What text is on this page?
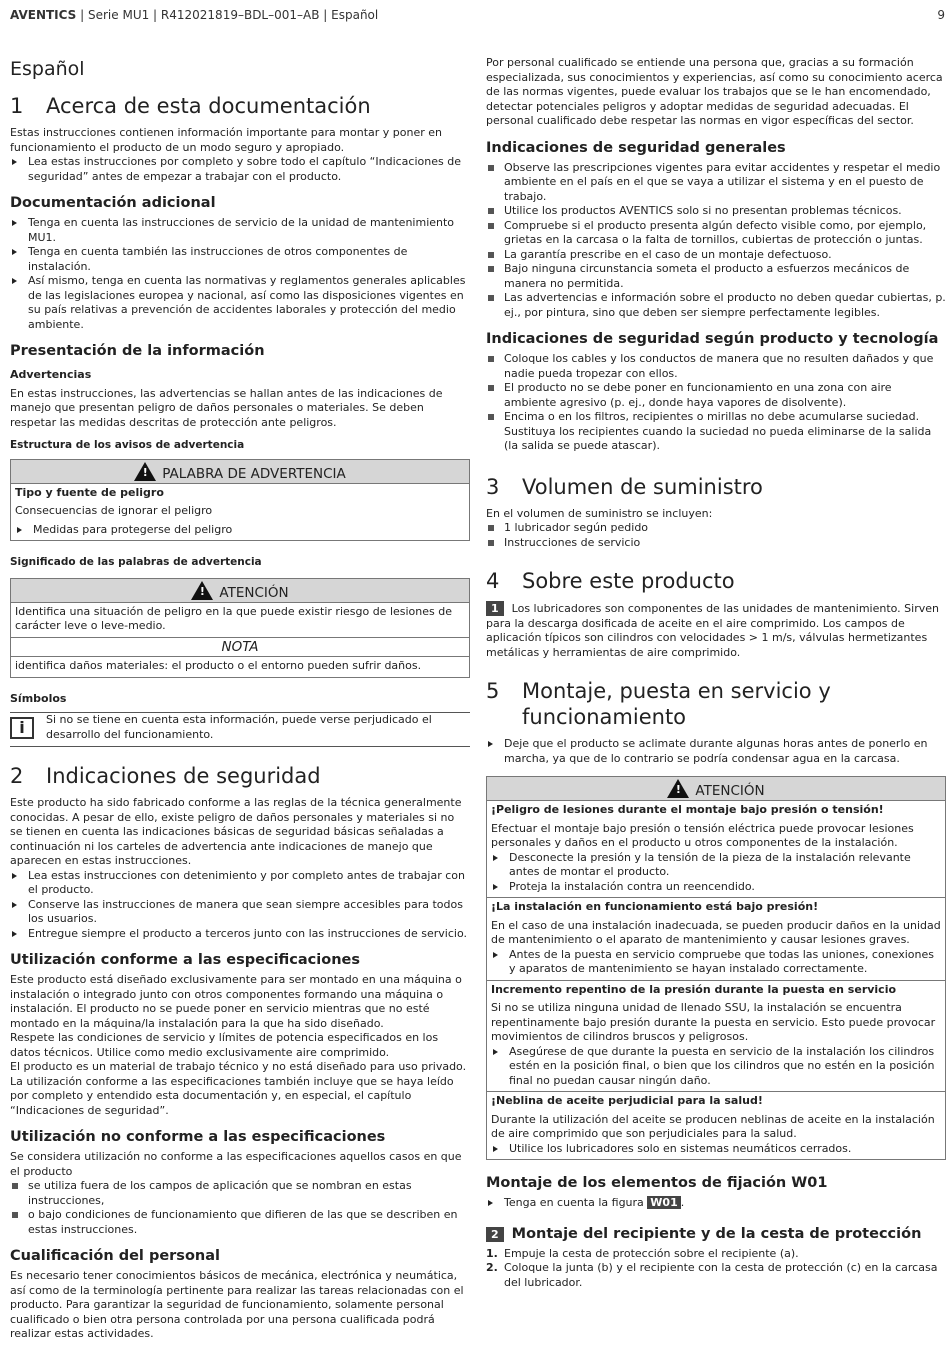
AVENTICS | Serie MU1 | R412021819–BDL–001–AB | Español	9
Español
1	Acerca de esta documentación

Estas instrucciones contienen información importante para montar y poner en funcionamiento el producto de un modo seguro y apropiado.

Lea estas instrucciones por completo y sobre todo el capítulo “Indicaciones de seguridad” antes de empezar a trabajar con el producto.
Documentación adicional
Tenga en cuenta las instrucciones de servicio de la unidad de mantenimiento MU1.
Tenga en cuenta también las instrucciones de otros componentes de instalación.
Así mismo, tenga en cuenta las normativas y reglamentos generales aplicables de las legislaciones europea y nacional, así como las disposiciones vigentes en su país relativas a prevención de accidentes laborales y protección del medio ambiente.
Presentación de la información
Advertencias

En estas instrucciones, las advertencias se hallan antes de las indicaciones de manejo que presentan peligro de daños personales o materiales. Se deben respetar las medidas descritas de protección ante peligros.

Estructura de los avisos de advertencia
!	PALABRA DE ADVERTENCIA
Tipo y fuente de peligro
Consecuencias de ignorar el peligro
Medidas para protegerse del peligro
Significado de las palabras de advertencia
!	ATENCIÓN
Identifica una situación de peligro en la que puede existir riesgo de lesiones de carácter leve o leve-medio.
NOTA
identifica daños materiales: el producto o el entorno pueden sufrir daños.
Símbolos
i	Si no se tiene en cuenta esta información, puede verse perjudicado el desarrollo del funcionamiento.

2	Indicaciones de seguridad

Este producto ha sido fabricado conforme a las reglas de la técnica generalmente conocidas. A pesar de ello, existe peligro de daños personales y materiales si no se tienen en cuenta las indicaciones básicas de seguridad básicas señaladas a continuación ni los carteles de advertencia ante indicaciones de manejo que aparecen en estas instrucciones.

Lea estas instrucciones con detenimiento y por completo antes de trabajar con el producto.
Conserve las instrucciones de manera que sean siempre accesibles para todos los usuarios.
Entregue siempre el producto a terceros junto con las instrucciones de servicio.
Utilización conforme a las especificaciones

Este producto está diseñado exclusivamente para ser montado en una máquina o instalación o integrado junto con otros componentes formando una máquina o instalación. El producto no se puede poner en servicio mientras que no esté montado en la máquina/la instalación para la que ha sido diseñado.

Respete las condiciones de servicio y límites de potencia especificados en los datos técnicos. Utilice como medio exclusivamente aire comprimido.

El producto es un material de trabajo técnico y no está diseñado para uso privado.

La utilización conforme a las especificaciones también incluye que se haya leído por completo y entendido esta documentación y, en especial, el capítulo “Indicaciones de seguridad”.

Utilización no conforme a las especificaciones

Se considera utilización no conforme a las especificaciones aquellos casos en que el producto

se utiliza fuera de los campos de aplicación que se nombran en estas instrucciones,
o bajo condiciones de funcionamiento que difieren de las que se describen en estas instrucciones.
Cualificación del personal

Es necesario tener conocimientos básicos de mecánica, electrónica y neumática, así como de la terminología pertinente para realizar las tareas relacionadas con el producto. Para garantizar la seguridad de funcionamiento, solamente personal cualificado o bien otra persona controlada por una persona cualificada podrá realizar estas actividades.

Por personal cualificado se entiende una persona que, gracias a su formación especializada, sus conocimientos y experiencias, así como su conocimiento acerca de las normas vigentes, puede evaluar los trabajos que se le han encomendado, detectar potenciales peligros y adoptar medidas de seguridad adecuadas. El personal cualificado debe respetar las normas en vigor específicas del sector.

Indicaciones de seguridad generales
Observe las prescripciones vigentes para evitar accidentes y respetar el medio ambiente en el país en el que se vaya a utilizar el sistema y en el puesto de trabajo.
Utilice los productos AVENTICS solo si no presentan problemas técnicos.
Compruebe si el producto presenta algún defecto visible como, por ejemplo, grietas en la carcasa o la falta de tornillos, cubiertas de protección o juntas.
La garantía prescribe en el caso de un montaje defectuoso.
Bajo ninguna circunstancia someta el producto a esfuerzos mecánicos de manera no permitida.
Las advertencias e información sobre el producto no deben quedar cubiertas, p. ej., por pintura, sino que deben ser siempre perfectamente legibles.
Indicaciones de seguridad según producto y tecnología
Coloque los cables y los conductos de manera que no resulten dañados y que nadie pueda tropezar con ellos.
El producto no se debe poner en funcionamiento en una zona con aire ambiente agresivo (p. ej., donde haya vapores de disolvente).
Encima o en los filtros, recipientes o mirillas no debe acumularse suciedad. Sustituya los recipientes cuando la suciedad no pueda eliminarse de la salida (la salida se puede atascar).
3	Volumen de suministro

En el volumen de suministro se incluyen:

1 lubricador según pedido
Instrucciones de servicio
4	Sobre este producto

1 Los lubricadores son componentes de las unidades de mantenimiento. Sirven para la descarga dosificada de aceite en el aire comprimido. Los campos de aplicación típicos son cilindros con velocidades > 1 m/s, válvulas hermetizantes metálicas y herramientas de aire comprimido.

5	Montaje, puesta en servicio y funcionamiento
Deje que el producto se aclimate durante algunas horas antes de ponerlo en marcha, ya que de lo contrario se podría condensar agua en la carcasa.
!	ATENCIÓN
¡Peligro de lesiones durante el montaje bajo presión o tensión!

Efectuar el montaje bajo presión o tensión eléctrica puede provocar lesiones personales y daños en el producto u otros componentes de la instalación.

Desconecte la presión y la tensión de la pieza de la instalación relevante antes de montar el producto.
Proteja la instalación contra un reencendido.
¡La instalación en funcionamiento está bajo presión!

En el caso de una instalación inadecuada, se pueden producir daños en la unidad de mantenimiento o el aparato de mantenimiento y causar lesiones graves.

Antes de la puesta en servicio compruebe que todas las uniones, conexiones y aparatos de mantenimiento se hayan instalado correctamente.
Incremento repentino de la presión durante la puesta en servicio

Si no se utiliza ninguna unidad de llenado SSU, la instalación se encuentra repentinamente bajo presión durante la puesta en servicio. Esto puede provocar movimientos de cilindros bruscos y peligrosos.

Asegúrese de que durante la puesta en servicio de la instalación los cilindros estén en la posición final, o bien que los cilindros que no estén en la posición final no puedan causar ningún daño.
¡Neblina de aceite perjudicial para la salud!

Durante la utilización del aceite se producen neblinas de aceite en la instalación de aire comprimido que son perjudiciales para la salud.

Utilice los lubricadores solo en sistemas neumáticos cerrados.
Montaje de los elementos de fijación W01
Tenga en cuenta la figura W01 .
2 Montaje del recipiente y de la cesta de protección
1. Empuje la cesta de protección sobre el recipiente (a).
2. Coloque la junta (b) y el recipiente con la cesta de protección (c) en la carcasa del lubricador.
